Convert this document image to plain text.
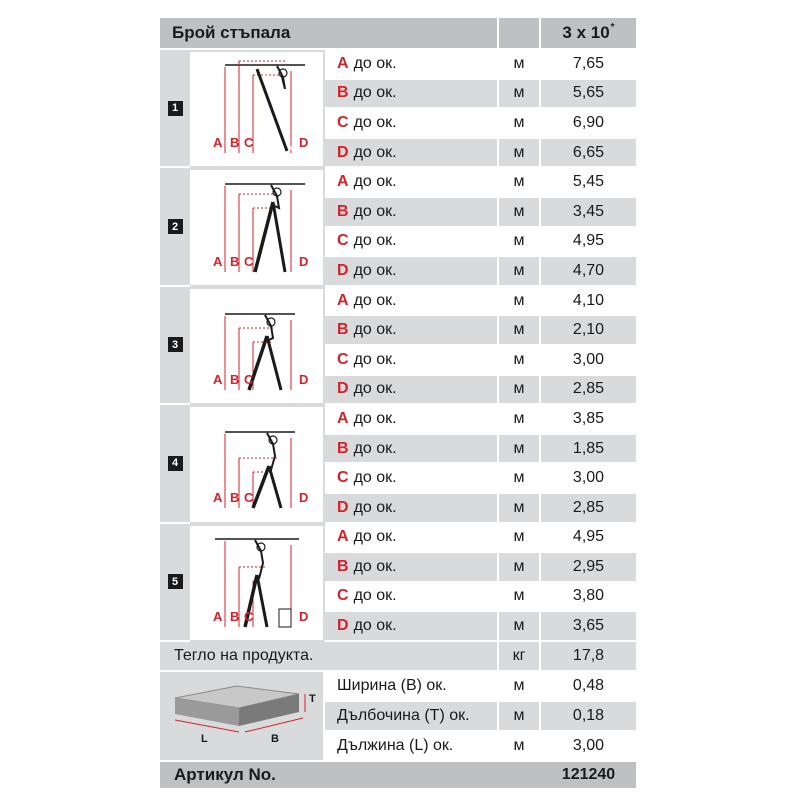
Брой стъпала	3 x 10*
1
A B C	D
A до ок.	м	7,65
B до ок.	м	5,65
C до ок.	м	6,90
D до ок.	м	6,65
2
A B C	D
A до ок.	м	5,45
B до ок.	м	3,45
C до ок.	м	4,95
D до ок.	м	4,70
3
A B C	D
A до ок.	м	4,10
B до ок.	м	2,10
C до ок.	м	3,00
D до ок.	м	2,85
4
A B C	D
A до ок.	м	3,85
B до ок.	м	1,85
C до ок.	м	3,00
D до ок.	м	2,85
5
A B C	D
A до ок.	м	4,95
B до ок.	м	2,95
C до ок.	м	3,80
D до ок.	м	3,65
Тегло на продукта.	кг	17,8
T
L	B
Ширина (B) ок.	м	0,48
Дълбочина (T) ок.	м	0,18
Дължина (L) ок.	м	3,00
Артикул No.	121240
